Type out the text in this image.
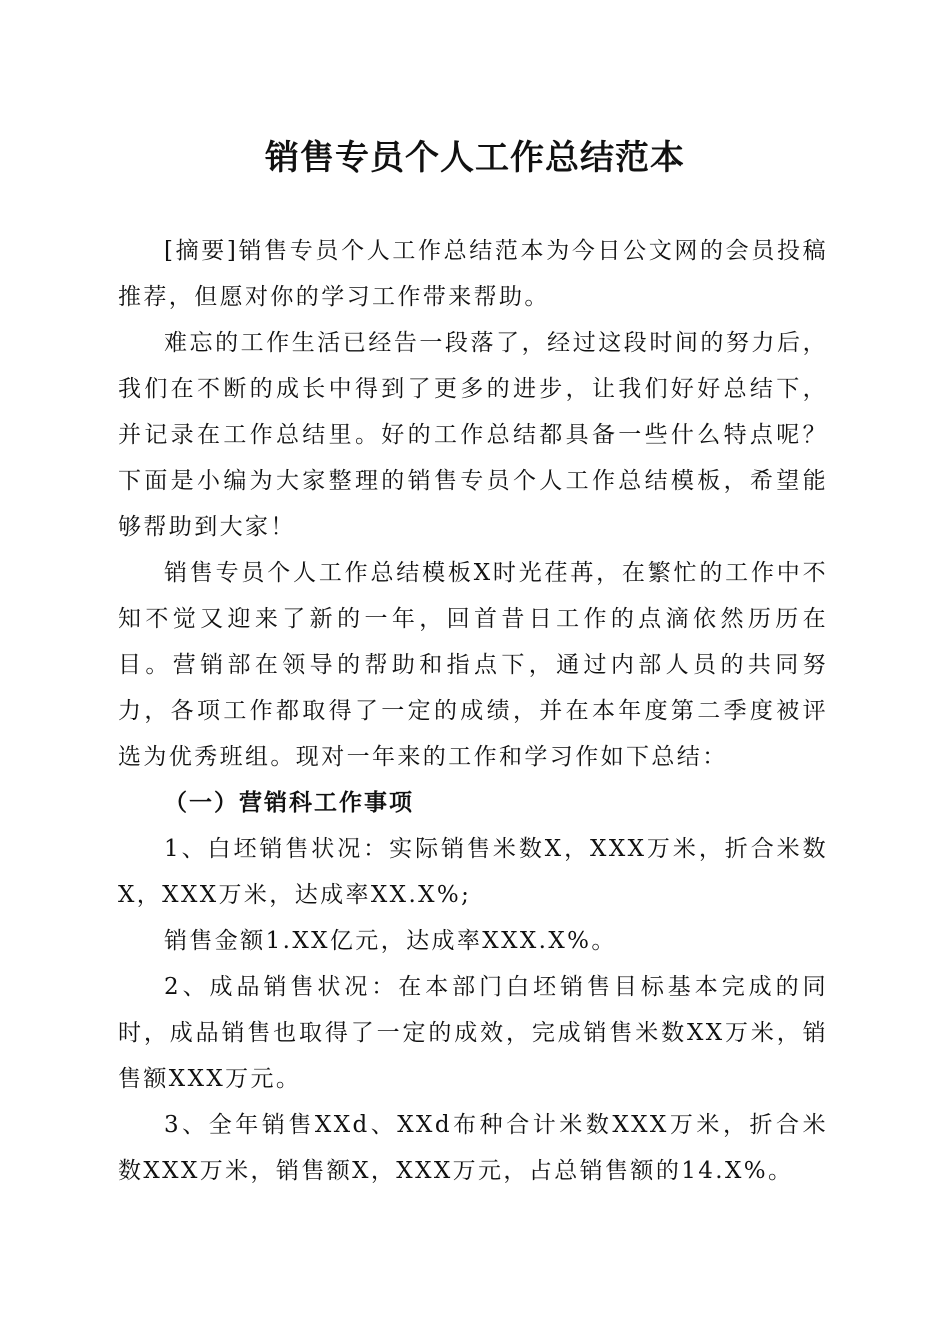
销售专员个人工作总结范本

[摘要]销售专员个人工作总结范本为今日公文网的会员投稿推荐，但愿对你的学习工作带来帮助。

难忘的工作生活已经告一段落了，经过这段时间的努力后，我们在不断的成长中得到了更多的进步，让我们好好总结下，并记录在工作总结里。好的工作总结都具备一些什么特点呢？下面是小编为大家整理的销售专员个人工作总结模板，希望能够帮助到大家！

销售专员个人工作总结模板X时光荏苒，在繁忙的工作中不知不觉又迎来了新的一年，回首昔日工作的点滴依然历历在目。营销部在领导的帮助和指点下，通过内部人员的共同努力，各项工作都取得了一定的成绩，并在本年度第二季度被评选为优秀班组。现对一年来的工作和学习作如下总结：

（一）营销科工作事项

1、白坯销售状况：实际销售米数X，XXX万米，折合米数X，XXX万米，达成率XX.X%;

销售金额1.XX亿元，达成率XXX.X%。

2、成品销售状况：在本部门白坯销售目标基本完成的同时，成品销售也取得了一定的成效，完成销售米数XX万米，销售额XXX万元。

3、全年销售XXd、XXd布种合计米数XXX万米，折合米数XXX万米，销售额X，XXX万元，占总销售额的14.X%。
